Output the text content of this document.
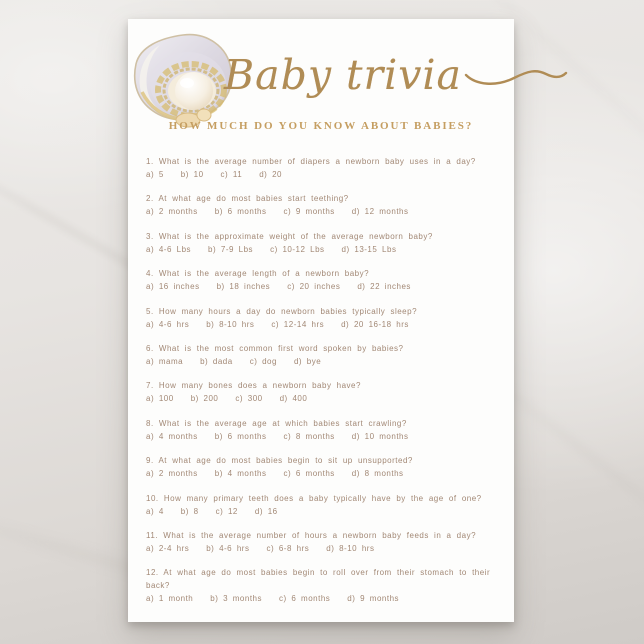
Baby trivia
HOW MUCH DO YOU KNOW ABOUT BABIES?
1. What is the average number of diapers a newborn baby uses in a day?
a) 5 b) 10 c) 11 d) 20
2. At what age do most babies start teething?
a) 2 months b) 6 months c) 9 months d) 12 months
3. What is the approximate weight of the average newborn baby?
a) 4-6 Lbs b) 7-9 Lbs c) 10-12 Lbs d) 13-15 Lbs
4. What is the average length of a newborn baby?
a) 16 inches b) 18 inches c) 20 inches d) 22 inches
5. How many hours a day do newborn babies typically sleep?
a) 4-6 hrs b) 8-10 hrs c) 12-14 hrs d) 20 16-18 hrs
6. What is the most common first word spoken by babies?
a) mama b) dada c) dog d) bye
7. How many bones does a newborn baby have?
a) 100 b) 200 c) 300 d) 400
8. What is the average age at which babies start crawling?
a) 4 months b) 6 months c) 8 months d) 10 months
9. At what age do most babies begin to sit up unsupported?
a) 2 months b) 4 months c) 6 months d) 8 months
10. How many primary teeth does a baby typically have by the age of one?
a) 4 b) 8 c) 12 d) 16
11. What is the average number of hours a newborn baby feeds in a day?
a) 2-4 hrs b) 4-6 hrs c) 6-8 hrs d) 8-10 hrs
12. At what age do most babies begin to roll over from their stomach to their back?
a) 1 month b) 3 months c) 6 months d) 9 months
